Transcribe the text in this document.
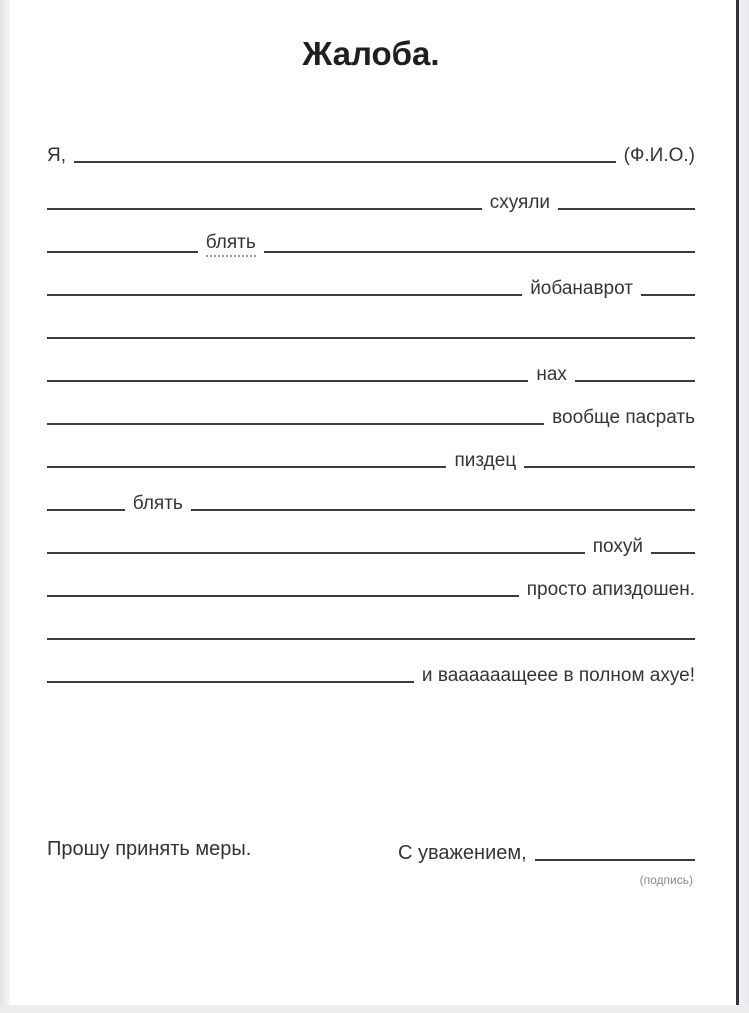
Жалоба.
Я,	(Ф.И.О.)
схуяли
блять
йобанаврот
нах
вообще пасрать
пиздец
блять
похуй
просто апиздошен.
и ваааааащеее в полном ахуе!
Прошу принять меры.	С уважением,
(подпись)
